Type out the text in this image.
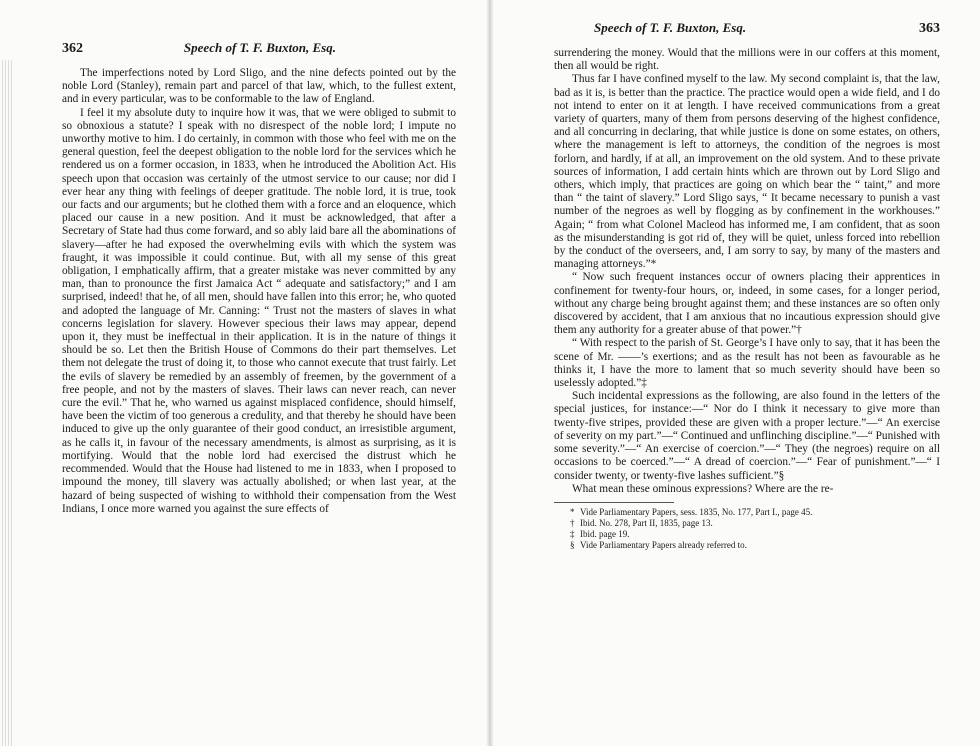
362	Speech of T. F. Buxton, Esq.

The imperfections noted by Lord Sligo, and the nine defects pointed out by the noble Lord (Stanley), remain part and parcel of that law, which, to the fullest extent, and in every particular, was to be conformable to the law of England.

I feel it my absolute duty to inquire how it was, that we were obliged to submit to so obnoxious a statute? I speak with no disrespect of the noble lord; I impute no unworthy motive to him. I do certainly, in common with those who feel with me on the general question, feel the deepest obligation to the noble lord for the services which he rendered us on a former occasion, in 1833, when he introduced the Abolition Act. His speech upon that occasion was certainly of the utmost service to our cause; nor did I ever hear any thing with feelings of deeper gratitude. The noble lord, it is true, took our facts and our arguments; but he clothed them with a force and an eloquence, which placed our cause in a new position. And it must be acknowledged, that after a Secretary of State had thus come forward, and so ably laid bare all the abominations of slavery—after he had exposed the overwhelming evils with which the system was fraught, it was impossible it could continue. But, with all my sense of this great obligation, I emphatically affirm, that a greater mistake was never committed by any man, than to pronounce the first Jamaica Act “ adequate and satisfactory;” and I am surprised, indeed! that he, of all men, should have fallen into this error; he, who quoted and adopted the language of Mr. Canning: “ Trust not the masters of slaves in what concerns legislation for slavery. However specious their laws may appear, depend upon it, they must be ineffectual in their application. It is in the nature of things it should be so. Let then the British House of Commons do their part themselves. Let them not delegate the trust of doing it, to those who cannot execute that trust fairly. Let the evils of slavery be remedied by an assembly of freemen, by the government of a free people, and not by the masters of slaves. Their laws can never reach, can never cure the evil.” That he, who warned us against misplaced confidence, should himself, have been the victim of too generous a credulity, and that thereby he should have been induced to give up the only guarantee of their good conduct, an irresistible argument, as he calls it, in favour of the necessary amendments, is almost as surprising, as it is mortifying. Would that the noble lord had exercised the distrust which he recommended. Would that the House had listened to me in 1833, when I proposed to impound the money, till slavery was actually abolished; or when last year, at the hazard of being suspected of wishing to withhold their compensation from the West Indians, I once more warned you against the sure effects of

Speech of T. F. Buxton, Esq.	363

surrendering the money. Would that the millions were in our coffers at this moment, then all would be right.

Thus far I have confined myself to the law. My second complaint is, that the law, bad as it is, is better than the practice. The practice would open a wide field, and I do not intend to enter on it at length. I have received communications from a great variety of quarters, many of them from persons deserving of the highest confidence, and all concurring in declaring, that while justice is done on some estates, on others, where the management is left to attorneys, the condition of the negroes is most forlorn, and hardly, if at all, an improvement on the old system. And to these private sources of information, I add certain hints which are thrown out by Lord Sligo and others, which imply, that practices are going on which bear the “ taint,” and more than “ the taint of slavery.” Lord Sligo says, “ It became necessary to punish a vast number of the negroes as well by flogging as by confinement in the workhouses.” Again; “ from what Colonel Macleod has informed me, I am confident, that as soon as the misunderstanding is got rid of, they will be quiet, unless forced into rebellion by the conduct of the overseers, and, I am sorry to say, by many of the masters and managing attorneys.”*

“ Now such frequent instances occur of owners placing their apprentices in confinement for twenty-four hours, or, indeed, in some cases, for a longer period, without any charge being brought against them; and these instances are so often only discovered by accident, that I am anxious that no incautious expression should give them any authority for a greater abuse of that power.”†

“ With respect to the parish of St. George’s I have only to say, that it has been the scene of Mr. ——’s exertions; and as the result has not been as favourable as he thinks it, I have the more to lament that so much severity should have been so uselessly adopted.”‡

Such incidental expressions as the following, are also found in the letters of the special justices, for instance:—“ Nor do I think it necessary to give more than twenty-five stripes, provided these are given with a proper lecture.”—“ An exercise of severity on my part.”—“ Continued and unflinching discipline.”—“ Punished with some severity.”—“ An exercise of coercion.”—“ They (the negroes) require on all occasions to be coerced.”—“ A dread of coercion.”—“ Fear of punishment.”—“ I consider twenty, or twenty-five lashes sufficient.”§

What mean these ominous expressions? Where are the re-

* Vide Parliamentary Papers, sess. 1835, No. 177, Part I., page 45.
† Ibid. No. 278, Part II, 1835, page 13.
‡ Ibid. page 19.
§ Vide Parliamentary Papers already referred to.
